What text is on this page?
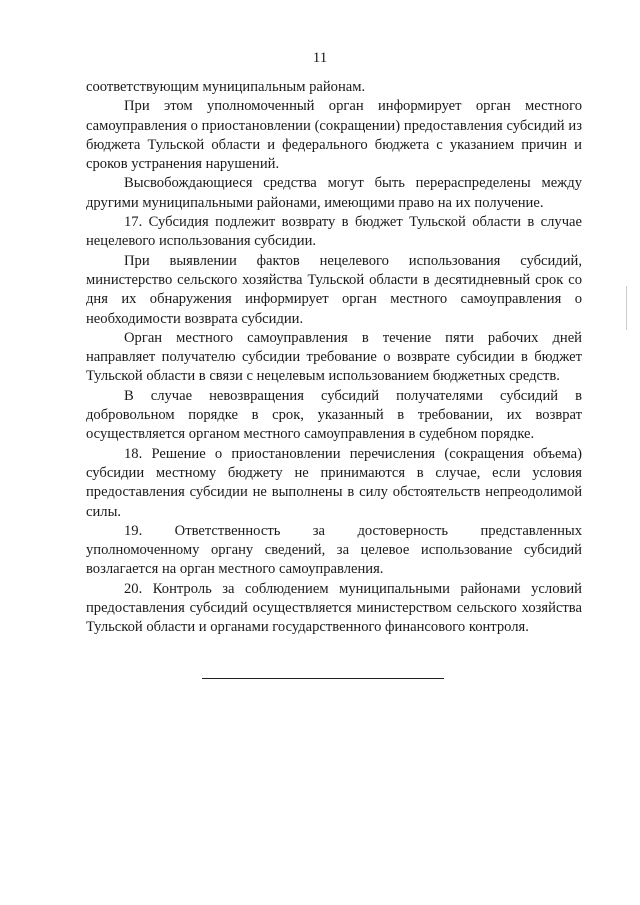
11

соответствующим муниципальным районам.

При этом уполномоченный орган информирует орган местного самоуправления о приостановлении (сокращении) предоставления субсидий из бюджета Тульской области и федерального бюджета с указанием причин и сроков устранения нарушений.

Высвобождающиеся средства могут быть перераспределены между другими муниципальными районами, имеющими право на их получение.

17. Субсидия подлежит возврату в бюджет Тульской области в случае нецелевого использования субсидии.

При выявлении фактов нецелевого использования субсидий, министерство сельского хозяйства Тульской области в десятидневный срок со дня их обнаружения информирует орган местного самоуправления о необходимости возврата субсидии.

Орган местного самоуправления в течение пяти рабочих дней направляет получателю субсидии требование о возврате субсидии в бюджет Тульской области в связи с нецелевым использованием бюджетных средств.

В случае невозвращения субсидий получателями субсидий в добровольном порядке в срок, указанный в требовании, их возврат осуществляется органом местного самоуправления в судебном порядке.

18. Решение о приостановлении перечисления (сокращения объема) субсидии местному бюджету не принимаются в случае, если условия предоставления субсидии не выполнены в силу обстоятельств непреодолимой силы.

19. Ответственность за достоверность представленных уполномоченному органу сведений, за целевое использование субсидий возлагается на орган местного самоуправления.

20. Контроль за соблюдением муниципальными районами условий предоставления субсидий осуществляется министерством сельского хозяйства Тульской области и органами государственного финансового контроля.
